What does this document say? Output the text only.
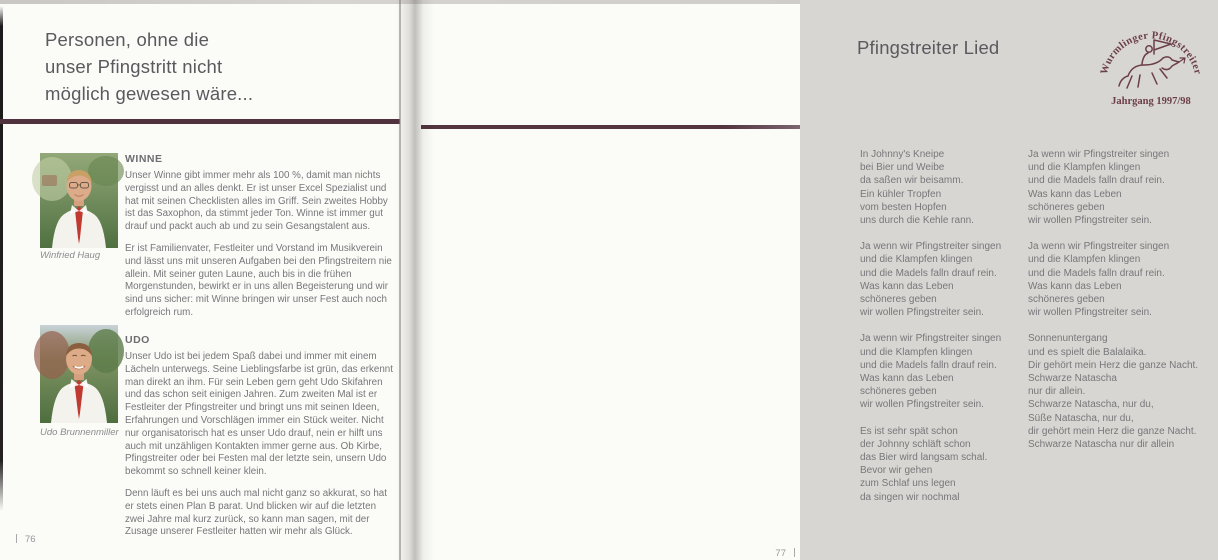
Personen, ohne die
unser Pfingstritt nicht
möglich gewesen wäre...
Winfried Haug
Udo Brunnenmiller
WINNE
Unser Winne gibt immer mehr als 100 %, damit man nichts vergisst und an alles denkt. Er ist unser Excel Spezialist und hat mit seinen Checklisten alles im Griff. Sein zweites Hobby ist das Saxophon, da stimmt jeder Ton. Winne ist immer gut drauf und packt auch ab und zu sein Gesangstalent aus.
Er ist Familienvater, Festleiter und Vorstand im Musikverein und lässt uns mit unseren Aufgaben bei den Pfingstreitern nie allein. Mit seiner guten Laune, auch bis in die frühen Morgenstunden, bewirkt er in uns allen Begeisterung und wir sind uns sicher: mit Winne bringen wir unser Fest auch noch erfolgreich rum.
UDO
Unser Udo ist bei jedem Spaß dabei und immer mit einem Lächeln unterwegs. Seine Lieblingsfarbe ist grün, das erkennt man direkt an ihm. Für sein Leben gern geht Udo Skifahren und das schon seit einigen Jahren. Zum zweiten Mal ist er Festleiter der Pfingstreiter und bringt uns mit seinen Ideen, Erfahrungen und Vorschlägen immer ein Stück weiter. Nicht nur organisatorisch hat es unser Udo drauf, nein er hilft uns auch mit unzähligen Kontakten immer gerne aus. Ob Kirbe, Pfingstreiter oder bei Festen mal der letzte sein, unsern Udo bekommt so schnell keiner klein.
Denn läuft es bei uns auch mal nicht ganz so akkurat, so hat er stets einen Plan B parat. Und blicken wir auf die letzten zwei Jahre mal kurz zurück, so kann man sagen, mit der Zusage unserer Festleiter hatten wir mehr als Glück.
76
Pfingstreiter Lied
Wurmlinger Pfingstreiter
Jahrgang 1997/98
In Johnny's Kneipe
bei Bier und Weibe
da saßen wir beisamm.
Ein kühler Tropfen
vom besten Hopfen
uns durch die Kehle rann.
Ja wenn wir Pfingstreiter singen
und die Klampfen klingen
und die Madels falln drauf rein.
Was kann das Leben
schöneres geben
wir wollen Pfingstreiter sein.
Ja wenn wir Pfingstreiter singen
und die Klampfen klingen
und die Madels falln drauf rein.
Was kann das Leben
schöneres geben
wir wollen Pfingstreiter sein.
Es ist sehr spät schon
der Johnny schläft schon
das Bier wird langsam schal.
Bevor wir gehen
zum Schlaf uns legen
da singen wir nochmal
Ja wenn wir Pfingstreiter singen
und die Klampfen klingen
und die Madels falln drauf rein.
Was kann das Leben
schöneres geben
wir wollen Pfingstreiter sein.
Ja wenn wir Pfingstreiter singen
und die Klampfen klingen
und die Madels falln drauf rein.
Was kann das Leben
schöneres geben
wir wollen Pfingstreiter sein.
Sonnenuntergang
und es spielt die Balalaika.
Dir gehört mein Herz die ganze Nacht.
Schwarze Natascha
nur dir allein.
Schwarze Natascha, nur du,
Süße Natascha, nur du,
dir gehört mein Herz die ganze Nacht.
Schwarze Natascha nur dir allein
77
